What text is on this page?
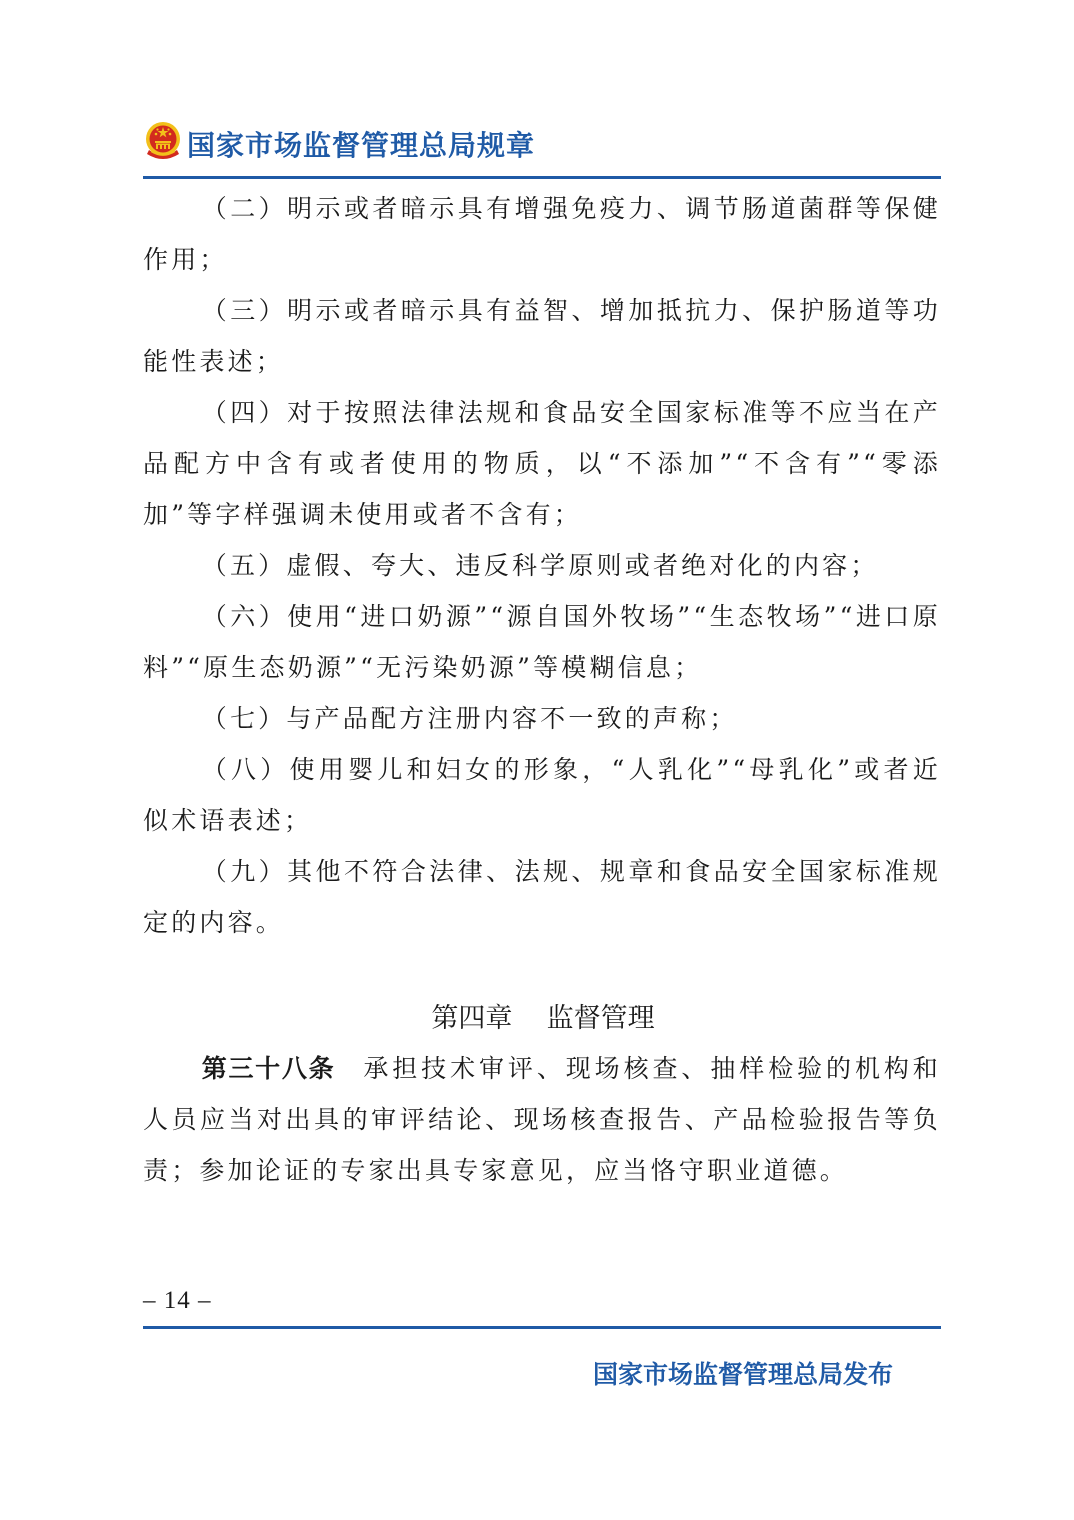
国家市场监督管理总局规章

（二）明示或者暗示具有增强免疫力、调节肠道菌群等保健作用；

（三）明示或者暗示具有益智、增加抵抗力、保护肠道等功能性表述；

（四）对于按照法律法规和食品安全国家标准等不应当在产品配方中含有或者使用的物质，以“不添加”“不含有”“零添加”等字样强调未使用或者不含有；

（五）虚假、夸大、违反科学原则或者绝对化的内容；

（六）使用“进口奶源”“源自国外牧场”“生态牧场”“进口原料”“原生态奶源”“无污染奶源”等模糊信息；

（七）与产品配方注册内容不一致的声称；

（八）使用婴儿和妇女的形象，“人乳化”“母乳化”或者近似术语表述；

（九）其他不符合法律、法规、规章和食品安全国家标准规定的内容。

第四章    监督管理

第三十八条 承担技术审评、现场核查、抽样检验的机构和人员应当对出具的审评结论、现场核查报告、产品检验报告等负责；参加论证的专家出具专家意见，应当恪守职业道德。

– 14 –
国家市场监督管理总局发布
